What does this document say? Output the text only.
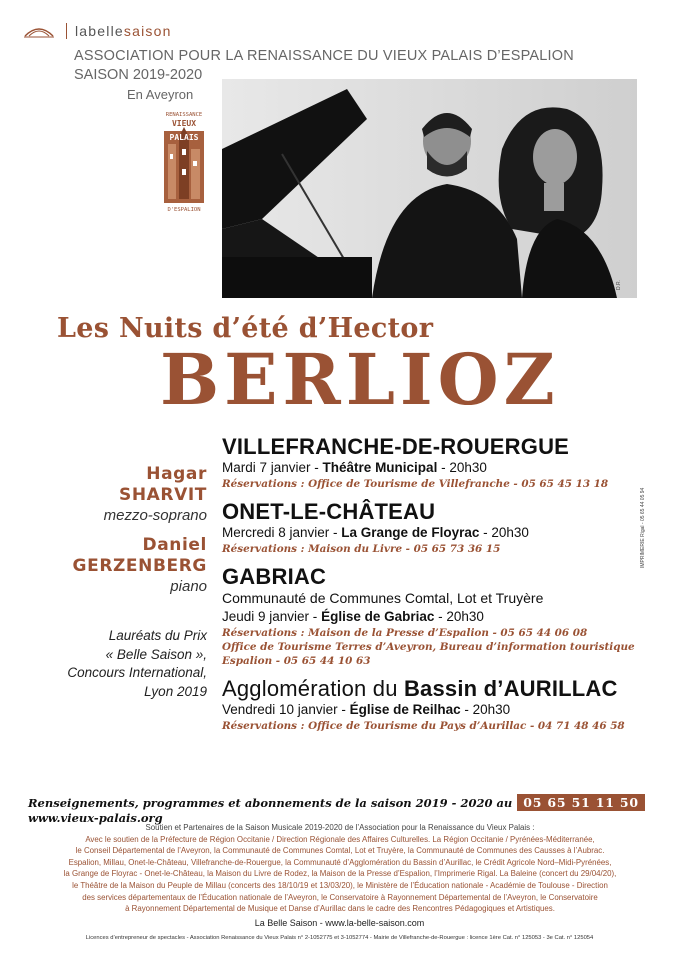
labellesaison
ASSOCIATION POUR LA RENAISSANCE DU VIEUX PALAIS D’ESPALION
SAISON 2019-2020
En Aveyron
RENAISSANCE
VIEUX
PALAIS
D'ESPALION
D.R.
Les Nuits d’été d’Hector
BERLIOZ
Hagar
SHARVIT
mezzo-soprano
Daniel
GERZENBERG
piano
Lauréats du Prix
« Belle Saison »,
Concours International,
Lyon 2019
VILLEFRANCHE-DE-ROUERGUE
Mardi 7 janvier - Théâtre Municipal - 20h30
Réservations : Office de Tourisme de Villefranche - 05 65 45 13 18
ONET-LE-CHÂTEAU
Mercredi 8 janvier - La Grange de Floyrac - 20h30
Réservations : Maison du Livre - 05 65 73 36 15
GABRIAC
Communauté de Communes Comtal, Lot et Truyère
Jeudi 9 janvier - Église de Gabriac - 20h30
Réservations : Maison de la Presse d’Espalion - 05 65 44 06 08
Office de Tourisme Terres d’Aveyron, Bureau d’information touristique
Espalion - 05 65 44 10 63
Agglomération du Bassin d’AURILLAC
Vendredi 10 janvier - Église de Reilhac - 20h30
Réservations : Office de Tourisme du Pays d’Aurillac - 04 71 48 46 58
IMPRIMERIE Rigal - 05 65 44 05 94
Renseignements, programmes et abonnements de la saison 2019 - 2020 au 05 65 51 11 50www.vieux-palais.org
Soutien et Partenaires de la Saison Musicale 2019-2020 de l’Association pour la Renaissance du Vieux Palais :
Avec le soutien de la Préfecture de Région Occitanie / Direction Régionale des Affaires Culturelles. La Région Occitanie / Pyrénées-Méditerranée,
le Conseil Départemental de l’Aveyron, la Communauté de Communes Comtal, Lot et Truyère, la Communauté de Communes des Causses à l’Aubrac.
Espalion, Millau, Onet-le-Château, Villefranche-de-Rouergue, la Communauté d’Agglomération du Bassin d’Aurillac, le Crédit Agricole Nord–Midi-Pyrénées,
la Grange de Floyrac - Onet-le-Château, la Maison du Livre de Rodez, la Maison de la Presse d’Espalion, l’Imprimerie Rigal. La Baleine (concert du 29/04/20),
le Théâtre de la Maison du Peuple de Millau (concerts des 18/10/19 et 13/03/20), le Ministère de l’Éducation nationale - Académie de Toulouse - Direction
des services départementaux de l’Éducation nationale de l’Aveyron, le Conservatoire à Rayonnement Départemental de l’Aveyron, le Conservatoire
à Rayonnement Départemental de Musique et Danse d’Aurillac dans le cadre des Rencontres Pédagogiques et Artistiques.
La Belle Saison - www.la-belle-saison.com
Licences d’entrepreneur de spectacles - Association Renaissance du Vieux Palais n° 2-1052775 et 3-1052774 - Mairie de Villefranche-de-Rouergue : licence 1ère Cat. n° 125053 - 3e Cat. n° 125054
